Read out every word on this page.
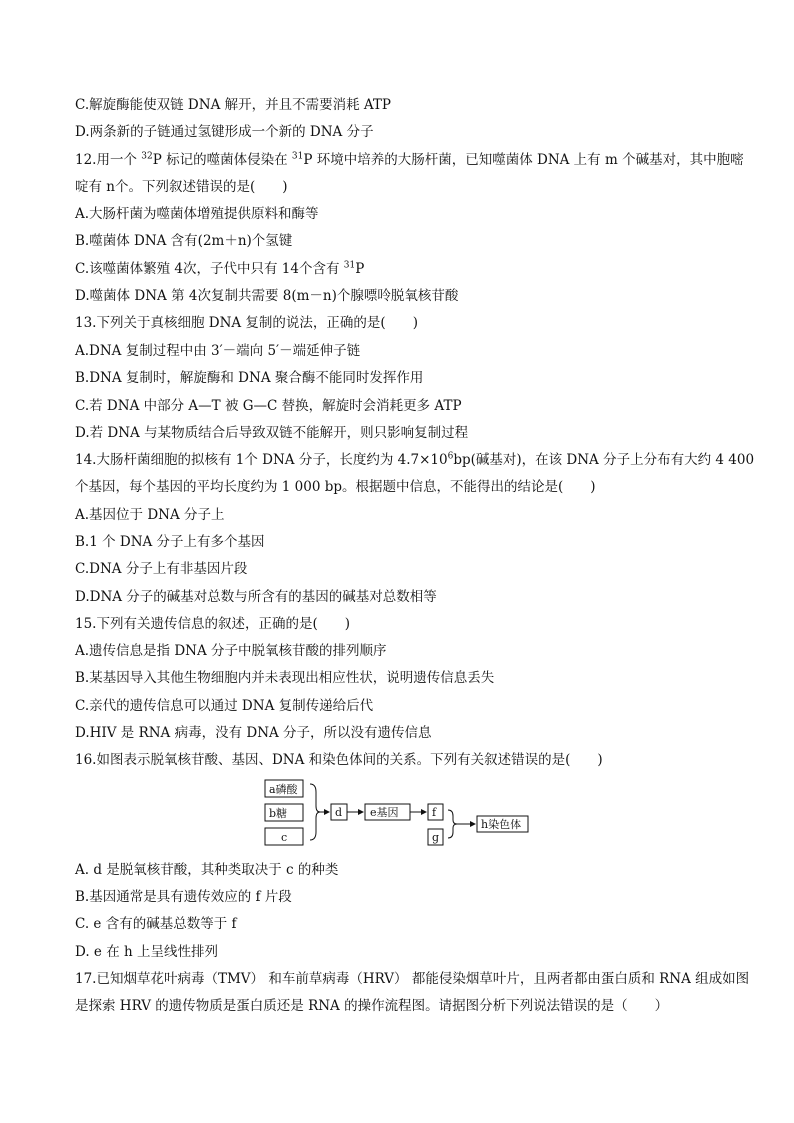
C.解旋酶能使双链 DNA 解开，并且不需要消耗 ATP
D.两条新的子链通过氢键形成一个新的 DNA 分子
12.用一个 $^{32}$P 标记的噬菌体侵染在 $^{31}$P 环境中培养的大肠杆菌，已知噬菌体 DNA 上有 m 个碱基对，其中胞嘧
啶有 n个。下列叙述错误的是(　　)
A.大肠杆菌为噬菌体增殖提供原料和酶等
B.噬菌体 DNA 含有(2m＋n)个氢键
C.该噬菌体繁殖 4次，子代中只有 14个含有 $^{31}$P
D.噬菌体 DNA 第 4次复制共需要 8(m－n)个腺嘌呤脱氧核苷酸
13.下列关于真核细胞 DNA 复制的说法，正确的是(　　)
A.DNA 复制过程中由 3′－端向 5′－端延伸子链
B.DNA 复制时，解旋酶和 DNA 聚合酶不能同时发挥作用
C.若 DNA 中部分 A—T 被 G—C 替换，解旋时会消耗更多 ATP
D.若 DNA 与某物质结合后导致双链不能解开，则只影响复制过程
14.大肠杆菌细胞的拟核有 1个 DNA 分子，长度约为 $4.7\times 10^6bp$(碱基对)，在该 DNA 分子上分布有大约 4 400
个基因，每个基因的平均长度约为 1 000 bp。根据题中信息，不能得出的结论是(　　)
A.基因位于 DNA 分子上
B.1 个 DNA 分子上有多个基因
C.DNA 分子上有非基因片段
D.DNA 分子的碱基对总数与所含有的基因的碱基对总数相等
15.下列有关遗传信息的叙述，正确的是(　　)
A.遗传信息是指 DNA 分子中脱氧核苷酸的排列顺序
B.某基因导入其他生物细胞内并未表现出相应性状，说明遗传信息丢失
C.亲代的遗传信息可以通过 DNA 复制传递给后代
D.HIV 是 RNA 病毒，没有 DNA 分子，所以没有遗传信息
16.如图表示脱氧核苷酸、基因、DNA 和染色体间的关系。下列有关叙述错误的是(　　)
a磷酸
b糖
c
d	e基因	f
g
h染色体
A. d 是脱氧核苷酸，其种类取决于 c 的种类
B.基因通常是具有遗传效应的 f 片段
C. e 含有的碱基总数等于 f
D. e 在 h 上呈线性排列
17.已知烟草花叶病毒（TMV） 和车前草病毒（HRV） 都能侵染烟草叶片，且两者都由蛋白质和 RNA 组成如图
是探索 HRV 的遗传物质是蛋白质还是 RNA 的操作流程图。请据图分析下列说法错误的是（　　）
